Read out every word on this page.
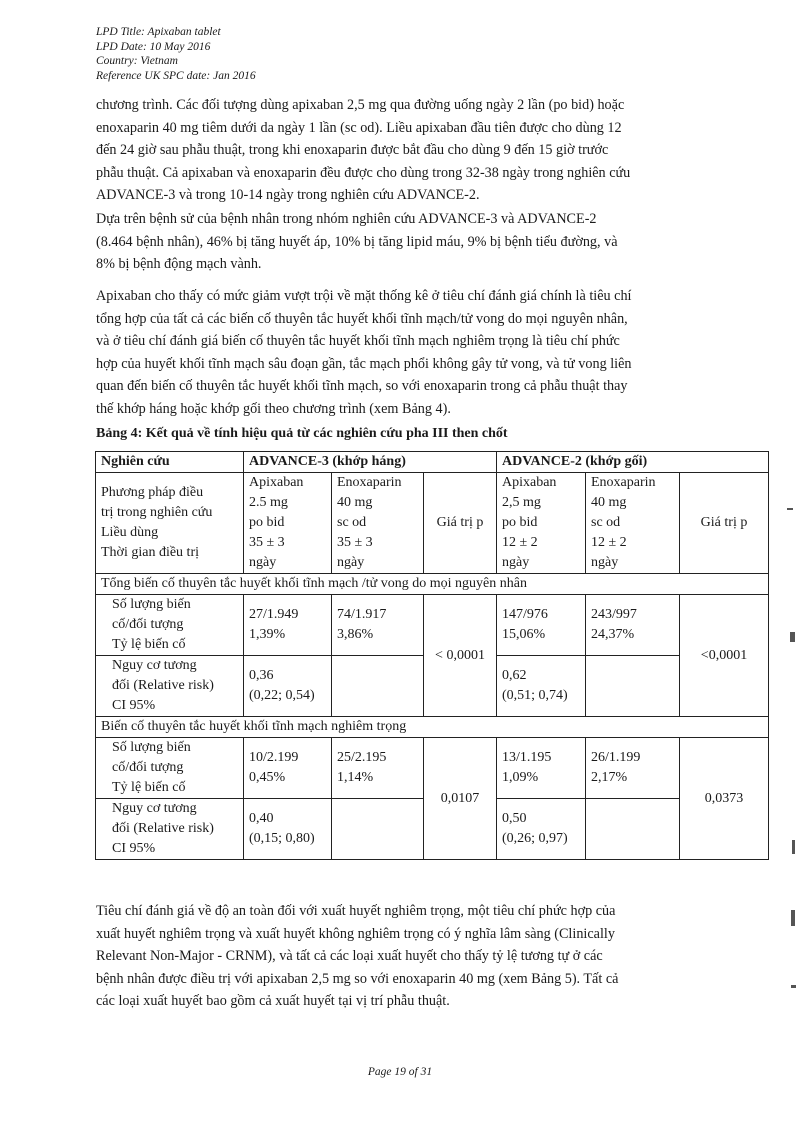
LPD Title: Apixaban tablet
LPD Date: 10 May 2016
Country: Vietnam
Reference UK SPC date: Jan 2016

chương trình. Các đối tượng dùng apixaban 2,5 mg qua đường uống ngày 2 lần (po bid) hoặc
enoxaparin 40 mg tiêm dưới da ngày 1 lần (sc od). Liều apixaban đầu tiên được cho dùng 12
đến 24 giờ sau phẫu thuật, trong khi enoxaparin được bắt đầu cho dùng 9 đến 15 giờ trước
phẫu thuật. Cả apixaban và enoxaparin đều được cho dùng trong 32-38 ngày trong nghiên cứu
ADVANCE-3 và trong 10-14 ngày trong nghiên cứu ADVANCE-2.

Dựa trên bệnh sử của bệnh nhân trong nhóm nghiên cứu ADVANCE-3 và ADVANCE-2
(8.464 bệnh nhân), 46% bị tăng huyết áp, 10% bị tăng lipid máu, 9% bị bệnh tiểu đường, và
8% bị bệnh động mạch vành.

Apixaban cho thấy có mức giảm vượt trội về mặt thống kê ở tiêu chí đánh giá chính là tiêu chí
tổng hợp của tất cả các biến cố thuyên tắc huyết khối tĩnh mạch/tử vong do mọi nguyên nhân,
và ở tiêu chí đánh giá biến cố thuyên tắc huyết khối tĩnh mạch nghiêm trọng là tiêu chí phức
hợp của huyết khối tĩnh mạch sâu đoạn gần, tắc mạch phổi không gây tử vong, và tử vong liên
quan đến biến cố thuyên tắc huyết khối tĩnh mạch, so với enoxaparin trong cả phẫu thuật thay
thế khớp háng hoặc khớp gối theo chương trình (xem Bảng 4).

Bảng 4: Kết quả về tính hiệu quả từ các nghiên cứu pha III then chốt
Nghiên cứu	ADVANCE-3 (khớp háng)			ADVANCE-2 (khớp gối)		

Phương pháp điều
trị trong nghiên cứu
Liều dùng
Thời gian điều trị	Apixaban
2.5 mg
po bid
35 ± 3
ngày	Enoxaparin
40 mg
sc od
35 ± 3
ngày	Giá trị p	Apixaban
2,5 mg
po bid
12 ± 2
ngày	Enoxaparin
40 mg
sc od
12 ± 2
ngày	Giá trị p
Tổng biến cố thuyên tắc huyết khối tĩnh mạch /tử vong do mọi nguyên nhân						

Số lượng biến
cố/đối tượng
Tỷ lệ biến cố	27/1.949
1,39%	74/1.917
3,86%	< 0,0001	147/976
15,06%	243/997
24,37%	<0,0001

Nguy cơ tương
đối (Relative risk)
CI 95%	0,36
(0,22; 0,54)			0,62
(0,51; 0,74)		

Biến cố thuyên tắc huyết khối tĩnh mạch nghiêm trọng						

Số lượng biến
cố/đối tượng
Tỷ lệ biến cố	10/2.199
0,45%	25/2.195
1,14%	0,0107	13/1.195
1,09%	26/1.199
2,17%	0,0373

Nguy cơ tương
đối (Relative risk)
CI 95%	0,40
(0,15; 0,80)			0,50
(0,26; 0,97)		

Tiêu chí đánh giá về độ an toàn đối với xuất huyết nghiêm trọng, một tiêu chí phức hợp của
xuất huyết nghiêm trọng và xuất huyết không nghiêm trọng có ý nghĩa lâm sàng (Clinically
Relevant Non-Major - CRNM), và tất cả các loại xuất huyết cho thấy tỷ lệ tương tự ở các
bệnh nhân được điều trị với apixaban 2,5 mg so với enoxaparin 40 mg (xem Bảng 5). Tất cả
các loại xuất huyết bao gồm cả xuất huyết tại vị trí phẫu thuật.

Page 19 of 31
